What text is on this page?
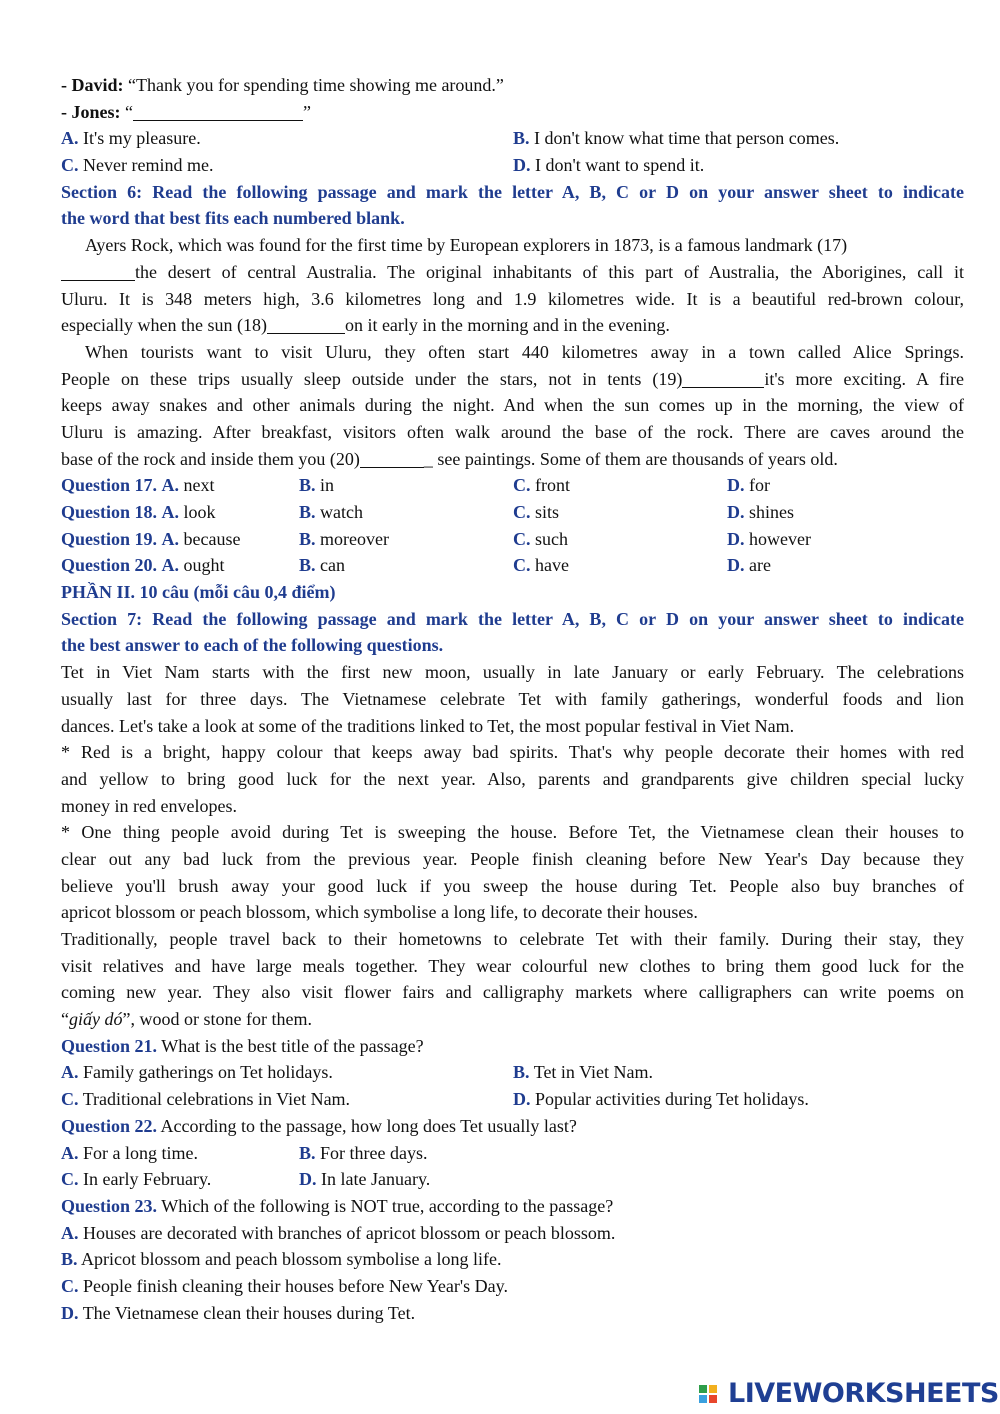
- David: “Thank you for spending time showing me around.”
- Jones: “	”
A. It's my pleasure.	B. I don't know what time that person comes.
C. Never remind me.	D. I don't want to spend it.
Section 6: Read the following passage and mark the letter A, B, C or D on your answer sheet to indicate
the word that best fits each numbered blank.
Ayers Rock, which was found for the first time by European explorers in 1873, is a famous landmark (17)
the desert of central Australia. The original inhabitants of this part of Australia, the Aborigines, call it
Uluru. It is 348 meters high, 3.6 kilometres long and 1.9 kilometres wide. It is a beautiful red-brown colour,
especially when the sun (18)	on it early in the morning and in the evening.
When tourists want to visit Uluru, they often start 440 kilometres away in a town called Alice Springs.
People on these trips usually sleep outside under the stars, not in tents (19)	it's more exciting. A fire
keeps away snakes and other animals during the night. And when the sun comes up in the morning, the view of
Uluru is amazing. After breakfast, visitors often walk around the base of the rock. There are caves around the
base of the rock and inside them you (20)	_ see paintings. Some of them are thousands of years old.
Question 17. A. next	B. in	C. front	D. for
Question 18. A. look	B. watch	C. sits	D. shines
Question 19. A. because	B. moreover	C. such	D. however
Question 20. A. ought	B. can	C. have	D. are
PHẦN II. 10 câu (mỗi câu 0,4 điểm)
Section 7: Read the following passage and mark the letter A, B, C or D on your answer sheet to indicate
the best answer to each of the following questions.
Tet in Viet Nam starts with the first new moon, usually in late January or early February. The celebrations
usually last for three days. The Vietnamese celebrate Tet with family gatherings, wonderful foods and lion
dances. Let's take a look at some of the traditions linked to Tet, the most popular festival in Viet Nam.
* Red is a bright, happy colour that keeps away bad spirits. That's why people decorate their homes with red
and yellow to bring good luck for the next year. Also, parents and grandparents give children special lucky
money in red envelopes.
* One thing people avoid during Tet is sweeping the house. Before Tet, the Vietnamese clean their houses to
clear out any bad luck from the previous year. People finish cleaning before New Year's Day because they
believe you'll brush away your good luck if you sweep the house during Tet. People also buy branches of
apricot blossom or peach blossom, which symbolise a long life, to decorate their houses.
Traditionally, people travel back to their hometowns to celebrate Tet with their family. During their stay, they
visit relatives and have large meals together. They wear colourful new clothes to bring them good luck for the
coming new year. They also visit flower fairs and calligraphy markets where calligraphers can write poems on
“giấy dó”, wood or stone for them.
Question 21. What is the best title of the passage?
A. Family gatherings on Tet holidays.	B. Tet in Viet Nam.
C. Traditional celebrations in Viet Nam.	D. Popular activities during Tet holidays.
Question 22. According to the passage, how long does Tet usually last?
A. For a long time.	B. For three days.
C. In early February.	D. In late January.
Question 23. Which of the following is NOT true, according to the passage?
A. Houses are decorated with branches of apricot blossom or peach blossom.
B. Apricot blossom and peach blossom symbolise a long life.
C. People finish cleaning their houses before New Year's Day.
D. The Vietnamese clean their houses during Tet.

LIVEWORKSHEETS
